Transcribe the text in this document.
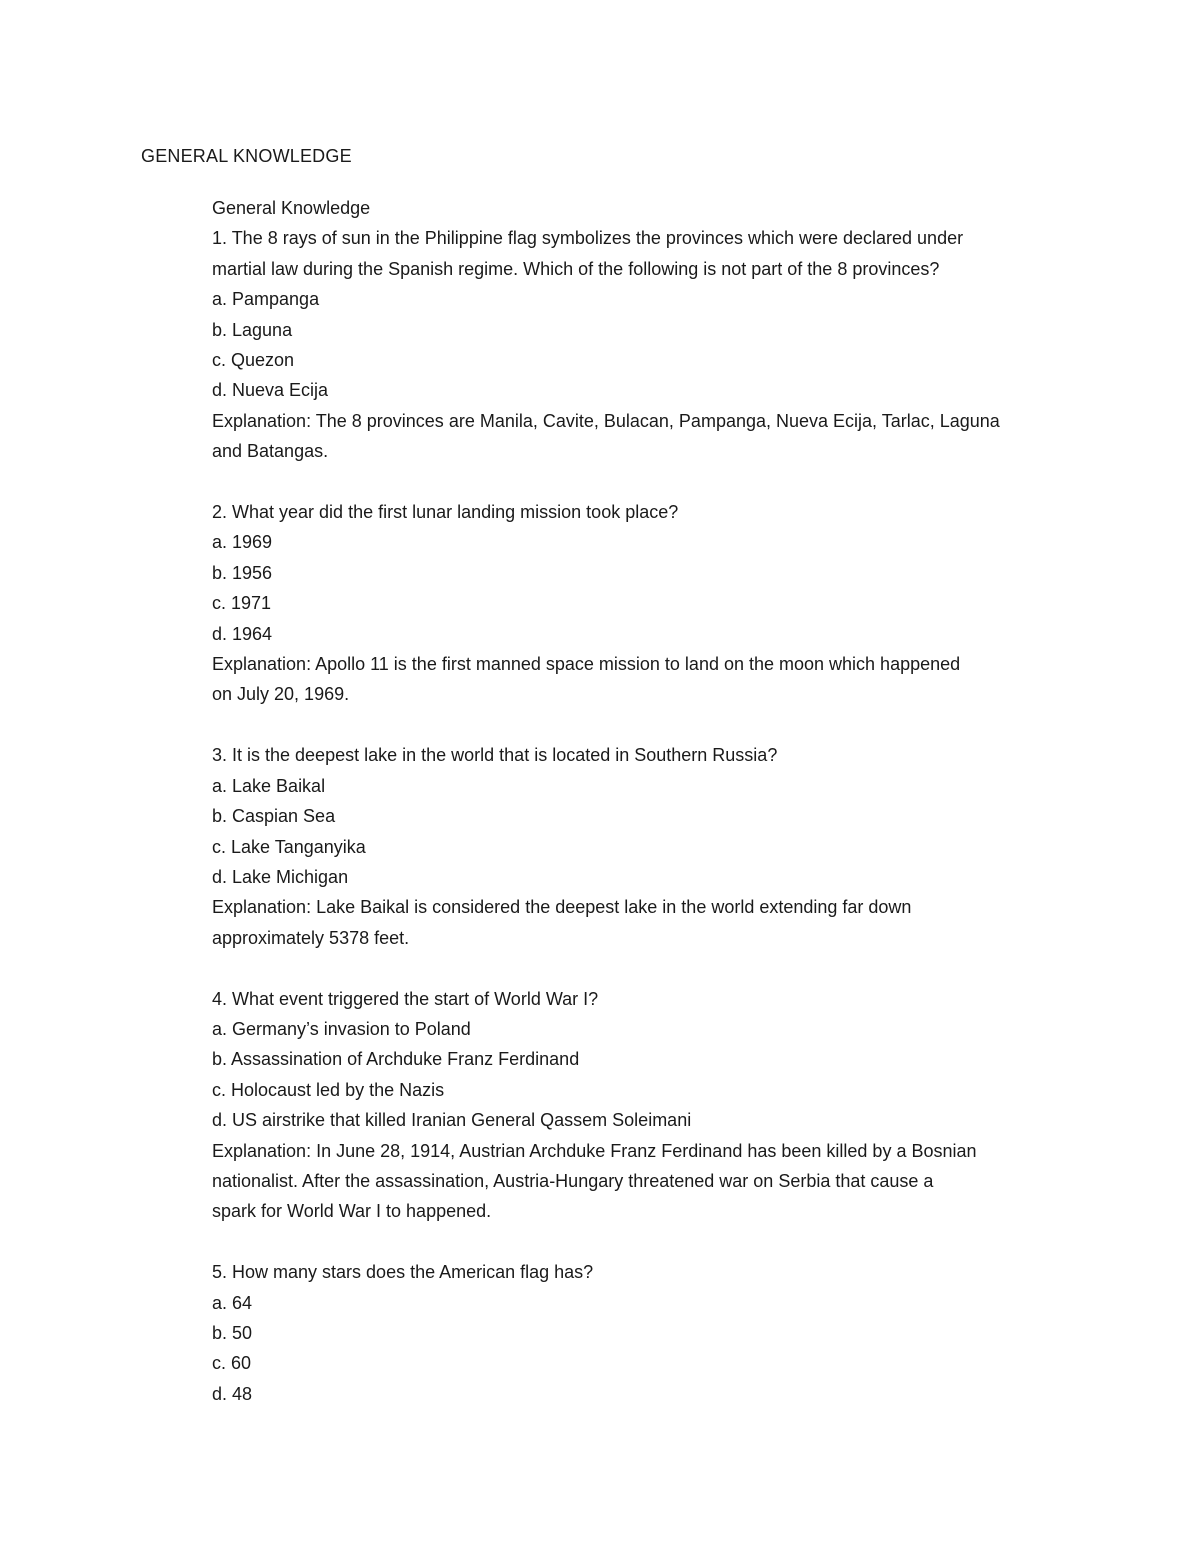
GENERAL KNOWLEDGE
General Knowledge
1. The 8 rays of sun in the Philippine flag symbolizes the provinces which were declared under
martial law during the Spanish regime. Which of the following is not part of the 8 provinces?
a. Pampanga
b. Laguna
c. Quezon
d. Nueva Ecija
Explanation: The 8 provinces are Manila, Cavite, Bulacan, Pampanga, Nueva Ecija, Tarlac, Laguna
and Batangas.
2. What year did the first lunar landing mission took place?
a. 1969
b. 1956
c. 1971
d. 1964
Explanation: Apollo 11 is the first manned space mission to land on the moon which happened
on July 20, 1969.
3. It is the deepest lake in the world that is located in Southern Russia?
a. Lake Baikal
b. Caspian Sea
c. Lake Tanganyika
d. Lake Michigan
Explanation: Lake Baikal is considered the deepest lake in the world extending far down
approximately 5378 feet.
4. What event triggered the start of World War I?
a. Germany’s invasion to Poland
b. Assassination of Archduke Franz Ferdinand
c. Holocaust led by the Nazis
d. US airstrike that killed Iranian General Qassem Soleimani
Explanation: In June 28, 1914, Austrian Archduke Franz Ferdinand has been killed by a Bosnian
nationalist. After the assassination, Austria-Hungary threatened war on Serbia that cause a
spark for World War I to happened.
5. How many stars does the American flag has?
a. 64
b. 50
c. 60
d. 48
